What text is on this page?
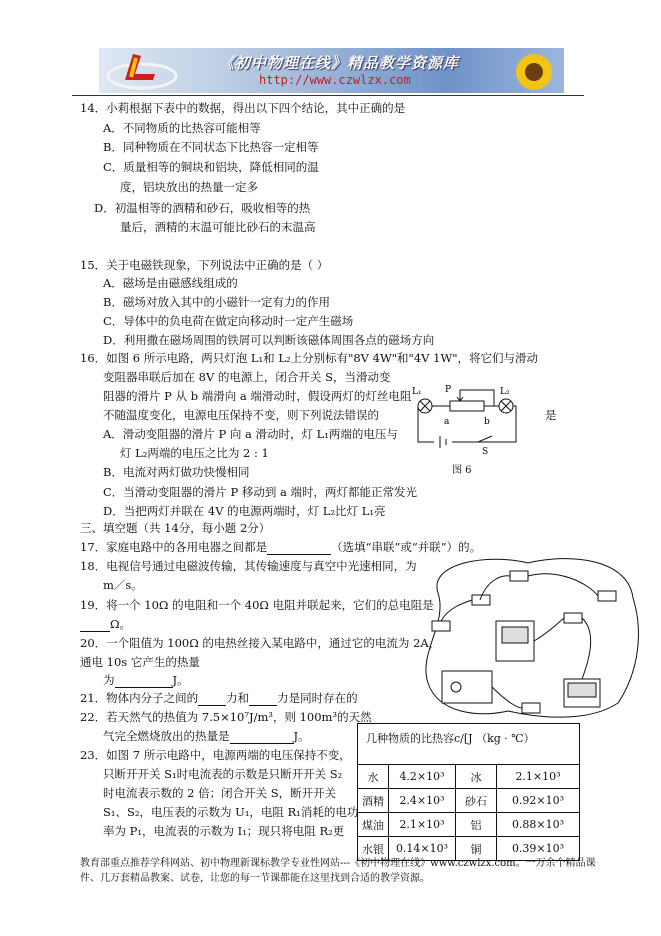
《初中物理在线》精品教学资源库
http://www.czwlzx.com
14．小莉根据下表中的数据，得出以下四个结论，其中正确的是
A．不同物质的比热容可能相等
B．同种物质在不同状态下比热容一定相等
C．质量相等的铜块和铝块，降低相同的温
度，铝块放出的热量一定多
D．初温相等的酒精和砂石，吸收相等的热
量后，酒精的末温可能比砂石的末温高
15．关于电磁铁现象，下列说法中正确的是（ ）
A．磁场是由磁感线组成的
B．磁场对放入其中的小磁针一定有力的作用
C．导体中的负电荷在做定向移动时一定产生磁场
D．利用撒在磁场周围的铁屑可以判断该磁体周围各点的磁场方向
16．如图 6 所示电路，两只灯泡 L₁和 L₂上分别标有"8V 4W"和"4V 1W"，将它们与滑动
变阻器串联后加在 8V 的电源上，闭合开关 S，当滑动变
阻器的滑片 P 从 b 端滑向 a 端滑动时，假设两灯的灯丝电阻
不随温度变化，电源电压保持不变，则下列说法错误的	是
A．滑动变阻器的滑片 P 向 a 滑动时，灯 L₁两端的电压与
灯 L₂两端的电压之比为 2 : 1
B．电流对两灯做功快慢相同
C．当滑动变阻器的滑片 P 移动到 a 端时，两灯都能正常发光
D．当把两灯并联在 4V 的电源两端时，灯 L₂比灯 L₁亮
L₁	P	L₂
a	b
S
图 6
三、填空题（共 14分，每小题 2分）
17．家庭电路中的各用电器之间都是	（选填“串联”或“并联”）的。
18．电视信号通过电磁波传输，其传输速度与真空中光速相同，为
m／s。
19．将一个 10Ω 的电阻和一个 40Ω 电阻并联起来，它们的总电阻是
Ω。
20．一个阻值为 100Ω 的电热丝接入某电路中，通过它的电流为 2A，
通电 10s 它产生的热量
为	J。
21．物体内分子之间的 力和 力是同时存在的
22．若天然气的热值为 7.5×10⁷J/m³，则 100m³的天然
气完全燃烧放出的热量是	J。
23．如图 7 所示电路中，电源两端的电压保持不变，
只断开开关 S₁时电流表的示数是只断开开关 S₂
时电流表示数的 2 倍；闭合开关 S，断开开关
S₁、S₂，电压表的示数为 U₁，电阻 R₁消耗的电功
率为 P₁，电流表的示数为 I₁；现只将电阻 R₂更
几种物质的比热容c/[J （kg · ℃）			
水	4.2×10³	冰	2.1×10³
酒精	2.4×10³	砂石	0.92×10³
煤油	2.1×10³	铝	0.88×10³
水银	0.14×10³	铜	0.39×10³
教育部重点推荐学科网站、初中物理新课标教学专业性网站---《初中物理在线》www.czwlzx.com。一万余个精品课件、几万套精品教案、试卷，让您的每一节课都能在这里找到合适的教学资源。
